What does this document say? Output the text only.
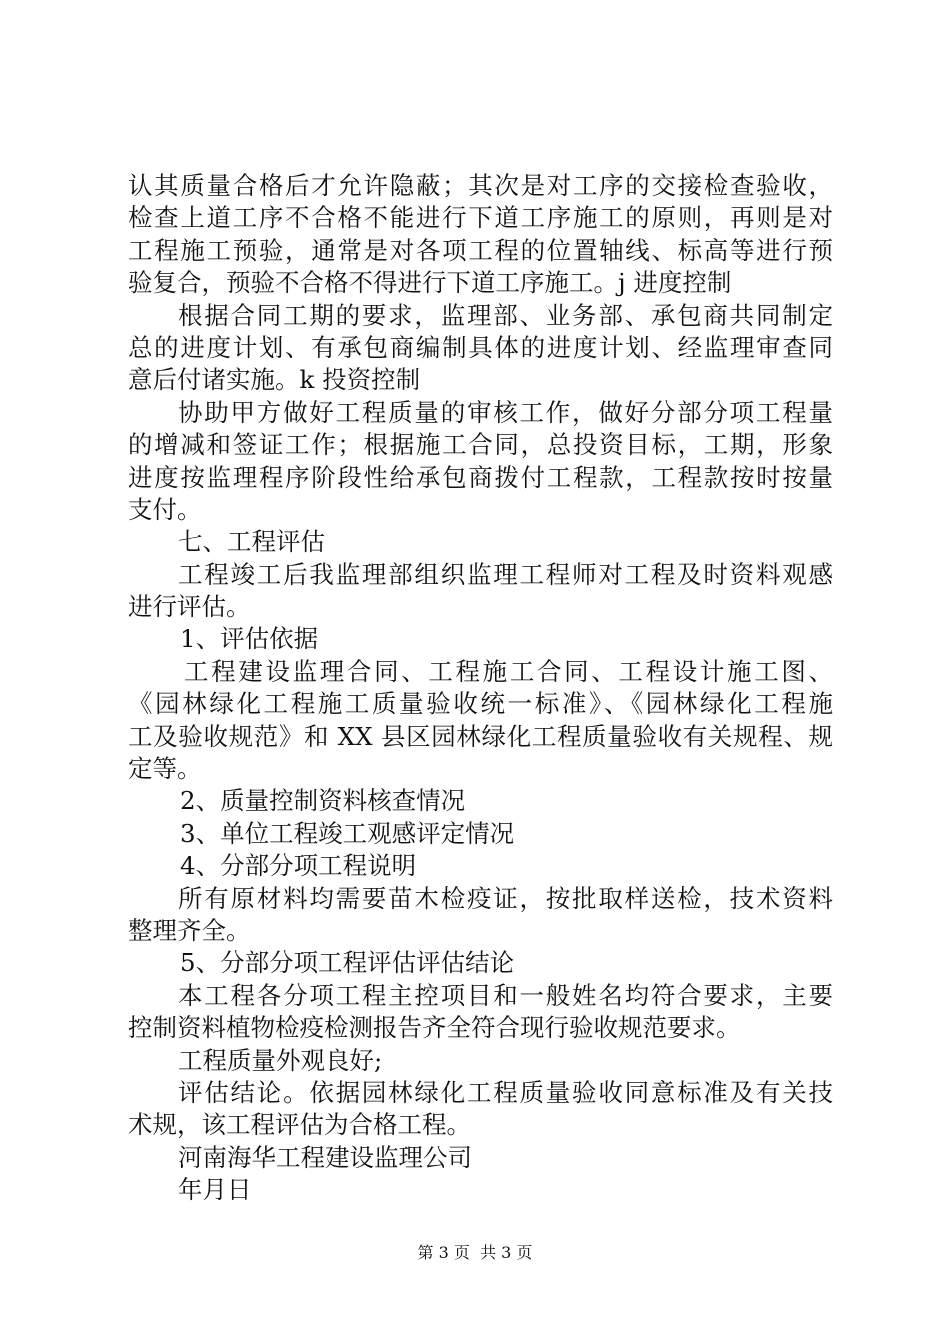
认其质量合格后才允许隐蔽；其次是对工序的交接检查验收，
检查上道工序不合格不能进行下道工序施工的原则，再则是对
工程施工预验，通常是对各项工程的位置轴线、标高等进行预
验复合，预验不合格不得进行下道工序施工。j 进度控制
根据合同工期的要求，监理部、业务部、承包商共同制定
总的进度计划、有承包商编制具体的进度计划、经监理审查同
意后付诸实施。k 投资控制
协助甲方做好工程质量的审核工作，做好分部分项工程量
的增减和签证工作；根据施工合同，总投资目标，工期，形象
进度按监理程序阶段性给承包商拨付工程款，工程款按时按量
支付。
七、工程评估
工程竣工后我监理部组织监理工程师对工程及时资料观感
进行评估。
1、评估依据
工程建设监理合同、工程施工合同、工程设计施工图、
《园林绿化工程施工质量验收统一标准》、《园林绿化工程施
工及验收规范》和 XX 县区园林绿化工程质量验收有关规程、规
定等。
2、质量控制资料核查情况
3、单位工程竣工观感评定情况
4、分部分项工程说明
所有原材料均需要苗木检疫证，按批取样送检，技术资料
整理齐全。
5、分部分项工程评估评估结论
本工程各分项工程主控项目和一般姓名均符合要求，主要
控制资料植物检疫检测报告齐全符合现行验收规范要求。
工程质量外观良好;
评估结论。依据园林绿化工程质量验收同意标准及有关技
术规，该工程评估为合格工程。
河南海华工程建设监理公司
年月日
第 3 页  共 3 页
